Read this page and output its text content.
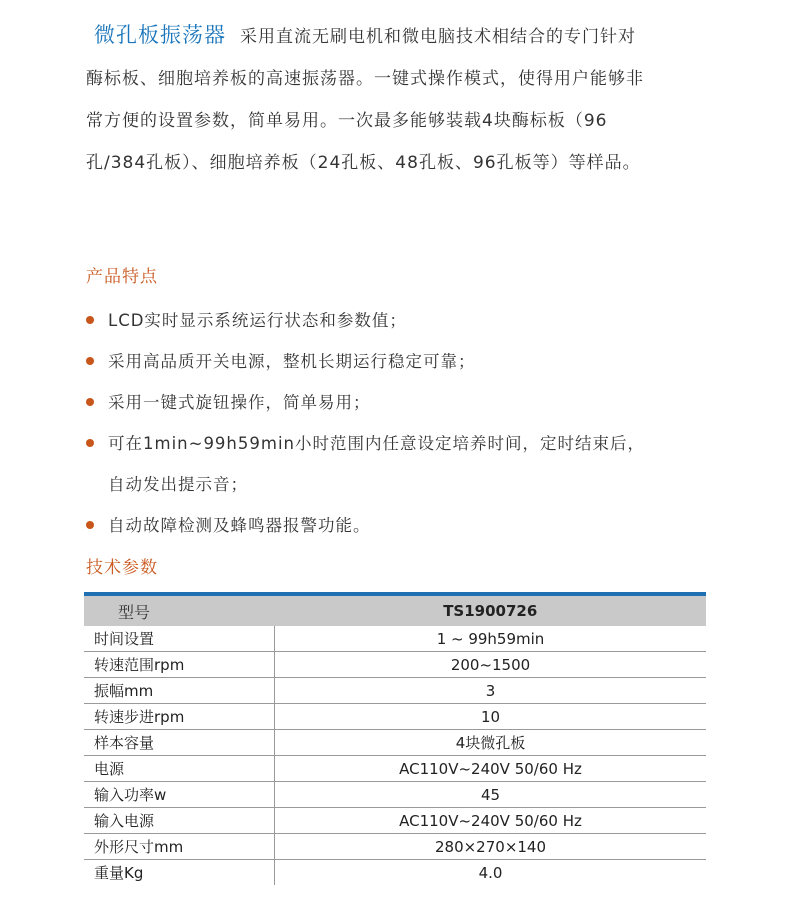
微孔板振荡器 采用直流无刷电机和微电脑技术相结合的专门针对酶标板、细胞培养板的高速振荡器。一键式操作模式，使得用户能够非常方便的设置参数，简单易用。一次最多能够装载4块酶标板（96孔/384孔板）、细胞培养板（24孔板、48孔板、96孔板等）等样品。
产品特点
LCD实时显示系统运行状态和参数值；
采用高品质开关电源，整机长期运行稳定可靠；
采用一键式旋钮操作，简单易用；
可在1min~99h59min小时范围内任意设定培养时间，定时结束后，自动发出提示音；
自动故障检测及蜂鸣器报警功能。
技术参数
型号	TS1900726
时间设置	1 ~ 99h59min
转速范围rpm	200~1500
振幅mm	3
转速步进rpm	10
样本容量	4块微孔板
电源	AC110V~240V 50/60 Hz
输入功率w	45
输入电源	AC110V~240V 50/60 Hz
外形尺寸mm	280×270×140
重量Kg	4.0
